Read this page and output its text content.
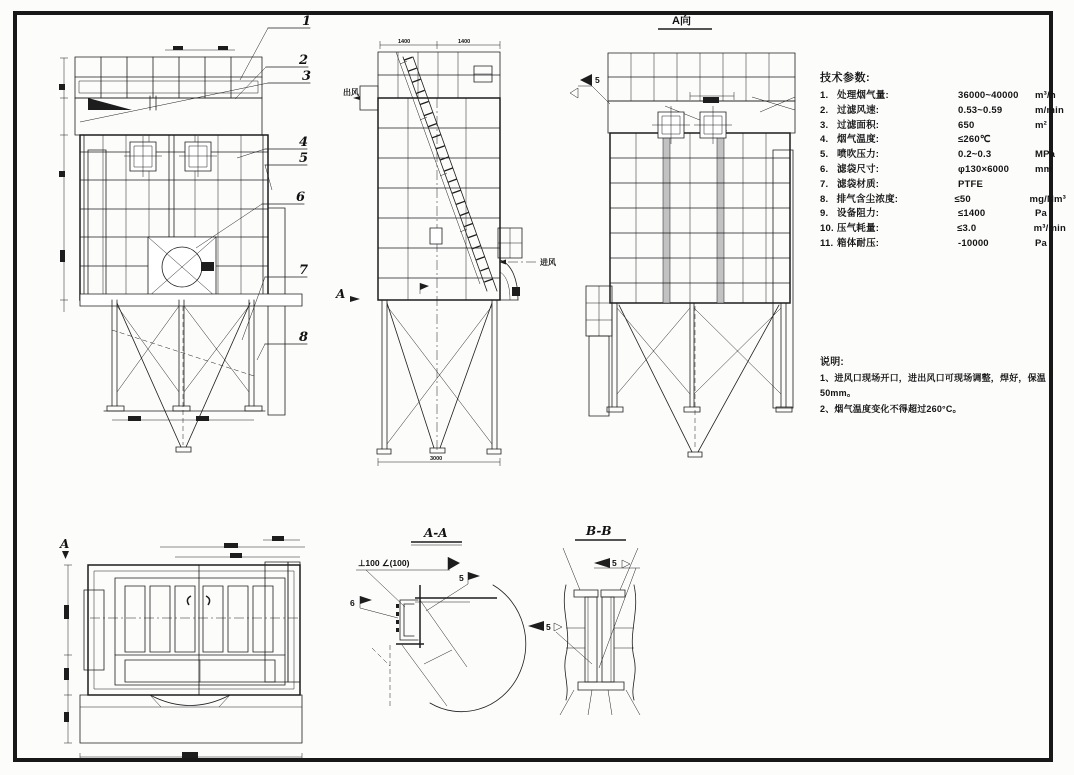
1
2
3
4
5
6
7
8
1400	1400
出风
进风
3000
A
A向
5
A
A-A
⊥100 ∠(100)
5
6
B-B
5
5
技术参数:
1. 处理烟气量:	36000~40000	m³/h
2. 过滤风速:	0.53~0.59	m/min
3. 过滤面积:	650	m²
4. 烟气温度:	≤260℃
5. 喷吹压力:	0.2~0.3	MPa
6. 滤袋尺寸:	φ130×6000	mm
7. 滤袋材质:	PTFE
8. 排气含尘浓度:	≤50	mg/Nm³
9. 设备阻力:	≤1400	Pa
10. 压气耗量:	≤3.0	m³/min
11. 箱体耐压:	-10000	Pa
说明:
1、进风口现场开口，进出风口可现场调整，焊好，保温50mm。
2、烟气温度变化不得超过260°C。
